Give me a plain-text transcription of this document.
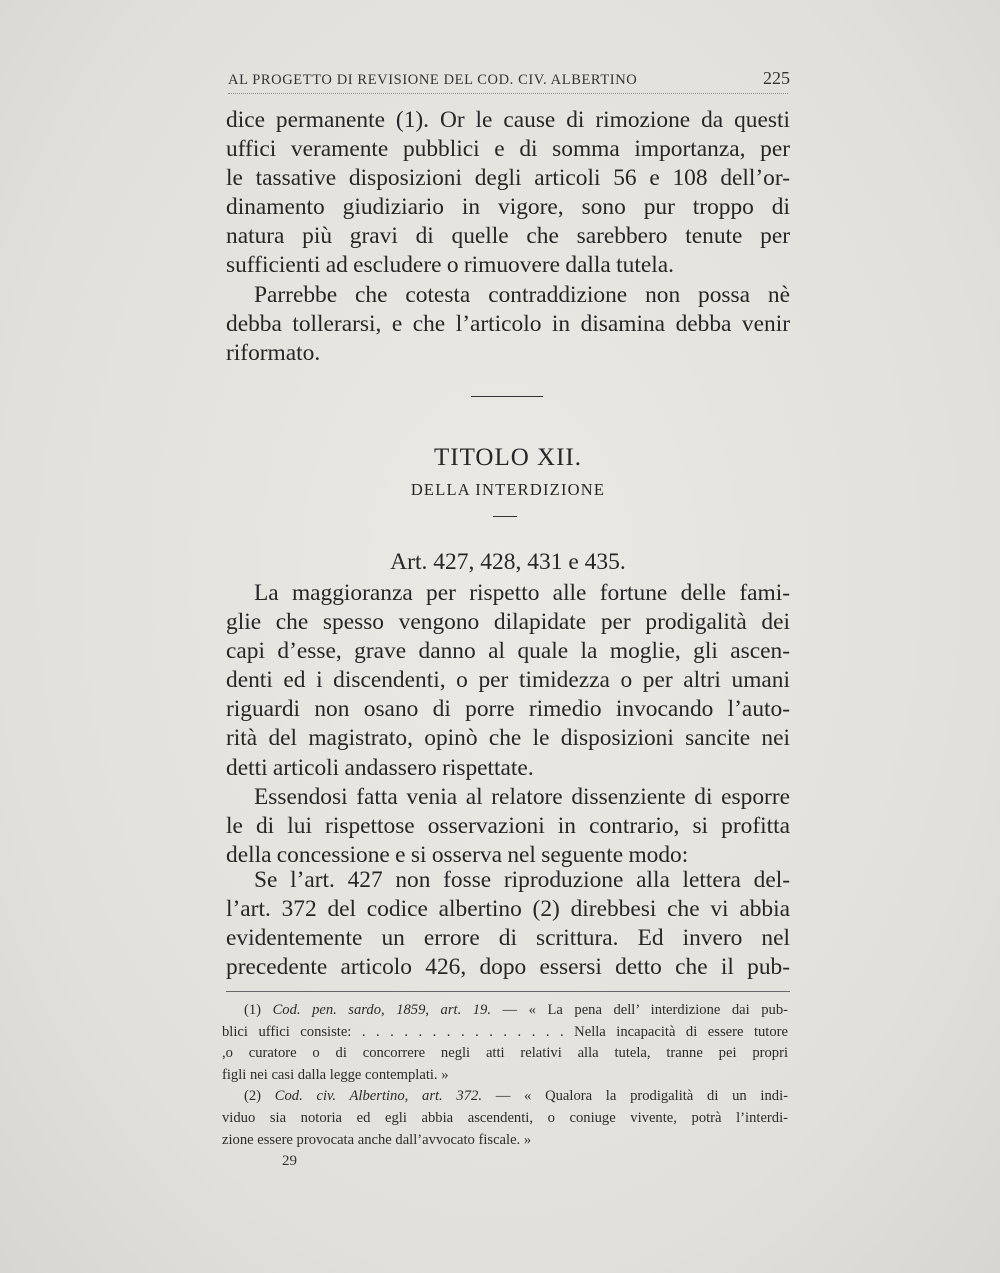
AL PROGETTO DI REVISIONE DEL COD. CIV. ALBERTINO	225

dice permanente (1). Or le cause di rimozione da questi

uffici veramente pubblici e di somma importanza, per

le tassative disposizioni degli articoli 56 e 108 dell’or-

dinamento giudiziario in vigore, sono pur troppo di

natura più gravi di quelle che sarebbero tenute per

sufficienti ad escludere o rimuovere dalla tutela.

Parrebbe che cotesta contraddizione non possa nè

debba tollerarsi, e che l’articolo in disamina debba venir

riformato.

TITOLO XII.
DELLA INTERDIZIONE
Art. 427, 428, 431 e 435.

La maggioranza per rispetto alle fortune delle fami-

glie che spesso vengono dilapidate per prodigalità dei

capi d’esse, grave danno al quale la moglie, gli ascen-

denti ed i discendenti, o per timidezza o per altri umani

riguardi non osano di porre rimedio invocando l’auto-

rità del magistrato, opinò che le disposizioni sancite nei

detti articoli andassero rispettate.

Essendosi fatta venia al relatore dissenziente di esporre

le di lui rispettose osservazioni in contrario, si profitta

della concessione e si osserva nel seguente modo:

Se l’art. 427 non fosse riproduzione alla lettera del-

l’art. 372 del codice albertino (2) direbbesi che vi abbia

evidentemente un errore di scrittura. Ed invero nel

precedente articolo 426, dopo essersi detto che il pub-

(1) Cod. pen. sardo, 1859, art. 19. — « La pena dell’ interdizione dai pub-

blici uffici consiste: . . . . . . . . . . . . . . . Nella incapacità di essere tutore

,o curatore o di concorrere negli atti relativi alla tutela, tranne pei propri

figli nei casi dalla legge contemplati. »

(2) Cod. civ. Albertino, art. 372. — « Qualora la prodigalità di un indi-

viduo sia notoria ed egli abbia ascendenti, o coniuge vivente, potrà l’interdi-

zione essere provocata anche dall’avvocato fiscale. »

29
